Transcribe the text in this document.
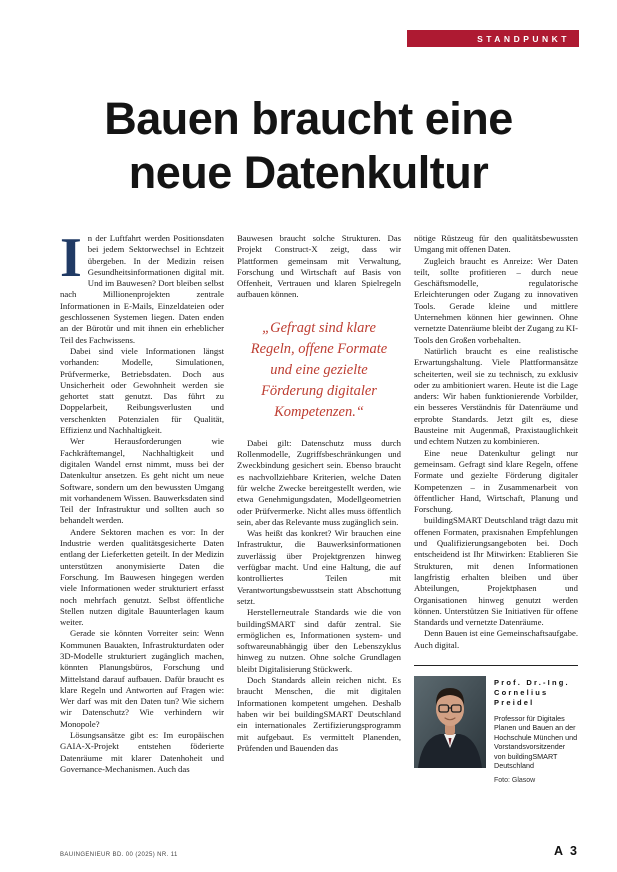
STANDPUNKT
Bauen braucht eine
neue Datenkultur

In der Luftfahrt werden Positionsdaten bei jedem Sektorwechsel in Echtzeit übergeben. In der Medizin reisen Gesundheitsinformationen digital mit. Und im Bauwesen? Dort bleiben selbst nach Millionenprojekten zentrale Informationen in E-Mails, Einzeldateien oder geschlossenen Systemen liegen. Daten enden an der Bürotür und mit ihnen ein erheblicher Teil des Fachwissens.

Dabei sind viele Informationen längst vorhanden: Modelle, Simulationen, Prüfvermerke, Betriebsdaten. Doch aus Unsicherheit oder Gewohnheit werden sie gehortet statt genutzt. Das führt zu Doppelarbeit, Reibungsverlusten und verschenkten Potenzialen für Qualität, Effizienz und Nachhaltigkeit.

Wer Herausforderungen wie Fachkräftemangel, Nachhaltigkeit und digitalen Wandel ernst nimmt, muss bei der Datenkultur ansetzen. Es geht nicht um neue Software, sondern um den bewussten Umgang mit vorhandenem Wissen. Bauwerksdaten sind Teil der Infrastruktur und sollten auch so behandelt werden.

Andere Sektoren machen es vor: In der Industrie werden qualitätsgesicherte Daten entlang der Lieferketten geteilt. In der Medizin unterstützen anonymisierte Daten die Forschung. Im Bauwesen hingegen werden viele Informationen weder strukturiert erfasst noch mehrfach genutzt. Selbst öffentliche Stellen nutzen digitale Bauunterlagen kaum weiter.

Gerade sie könnten Vorreiter sein: Wenn Kommunen Bauakten, Infrastrukturdaten oder 3D-Modelle strukturiert zugänglich machen, könnten Planungsbüros, Forschung und Mittelstand darauf aufbauen. Dafür braucht es klare Regeln und Antworten auf Fragen wie: Wer darf was mit den Daten tun? Wie sichern wir Datenschutz? Wie verhindern wir Monopole?

Lösungsansätze gibt es: Im europäischen GAIA-X-Projekt entstehen föderierte Datenräume mit klarer Datenhoheit und Governance-Mechanismen. Auch das

Bauwesen braucht solche Strukturen. Das Projekt Construct-X zeigt, dass wir Plattformen gemeinsam mit Verwaltung, Forschung und Wirtschaft auf Basis von Offenheit, Vertrauen und klaren Spielregeln aufbauen können.

„Gefragt sind klare Regeln, offene Formate und eine gezielte Förderung digitaler Kompetenzen.“

Dabei gilt: Datenschutz muss durch Rollenmodelle, Zugriffsbeschränkungen und Zweckbindung gesichert sein. Ebenso braucht es nachvollziehbare Kriterien, welche Daten für welche Zwecke bereitgestellt werden, wie etwa Genehmigungsdaten, Modellgeometrien oder Prüfvermerke. Nicht alles muss öffentlich sein, aber das Relevante muss zugänglich sein.

Was heißt das konkret? Wir brauchen eine Infrastruktur, die Bauwerksinformationen zuverlässig über Projektgrenzen hinweg verfügbar macht. Und eine Haltung, die auf kontrolliertes Teilen mit Verantwortungsbewusstsein statt Abschottung setzt.

Herstellerneutrale Standards wie die von buildingSMART sind dafür zentral. Sie ermöglichen es, Informationen system- und softwareunabhängig über den Lebenszyklus hinweg zu nutzen. Ohne solche Grundlagen bleibt Digitalisierung Stückwerk.

Doch Standards allein reichen nicht. Es braucht Menschen, die mit digitalen Informationen kompetent umgehen. Deshalb haben wir bei buildingSMART Deutschland ein internationales Zertifizierungsprogramm mit aufgebaut. Es vermittelt Planenden, Prüfenden und Bauenden das

nötige Rüstzeug für den qualitätsbewussten Umgang mit offenen Daten.

Zugleich braucht es Anreize: Wer Daten teilt, sollte profitieren – durch neue Geschäftsmodelle, regulatorische Erleichterungen oder Zugang zu innovativen Tools. Gerade kleine und mittlere Unternehmen können hier gewinnen. Ohne vernetzte Datenräume bleibt der Zugang zu KI-Tools den Großen vorbehalten.

Natürlich braucht es eine realistische Erwartungshaltung. Viele Plattformansätze scheiterten, weil sie zu technisch, zu exklusiv oder zu ambitioniert waren. Heute ist die Lage anders: Wir haben funktionierende Vorbilder, ein besseres Verständnis für Datenräume und erprobte Standards. Jetzt gilt es, diese Bausteine mit Augenmaß, Praxistauglichkeit und echtem Nutzen zu kombinieren.

Eine neue Datenkultur gelingt nur gemeinsam. Gefragt sind klare Regeln, offene Formate und gezielte Förderung digitaler Kompetenzen – in Zusammenarbeit von öffentlicher Hand, Wirtschaft, Planung und Forschung.

buildingSMART Deutschland trägt dazu mit offenen Formaten, praxisnahen Empfehlungen und Qualifizierungsangeboten bei. Doch entscheidend ist Ihr Mitwirken: Etablieren Sie Strukturen, mit denen Informationen langfristig erhalten bleiben und über Abteilungen, Projektphasen und Organisationen hinweg genutzt werden können. Unterstützen Sie Initiativen für offene Standards und vernetzte Datenräume.

Denn Bauen ist eine Gemeinschaftsaufgabe. Auch digital.

Prof. Dr.-Ing.
Cornelius
Preidel

Professor für Digitales Planen und Bauen an der Hochschule München und Vorstandsvorsitzender von buildingSMART Deutschland

Foto: Glasow

BAUINGENIEUR BD. 00 (2025) NR. 11	A 3
